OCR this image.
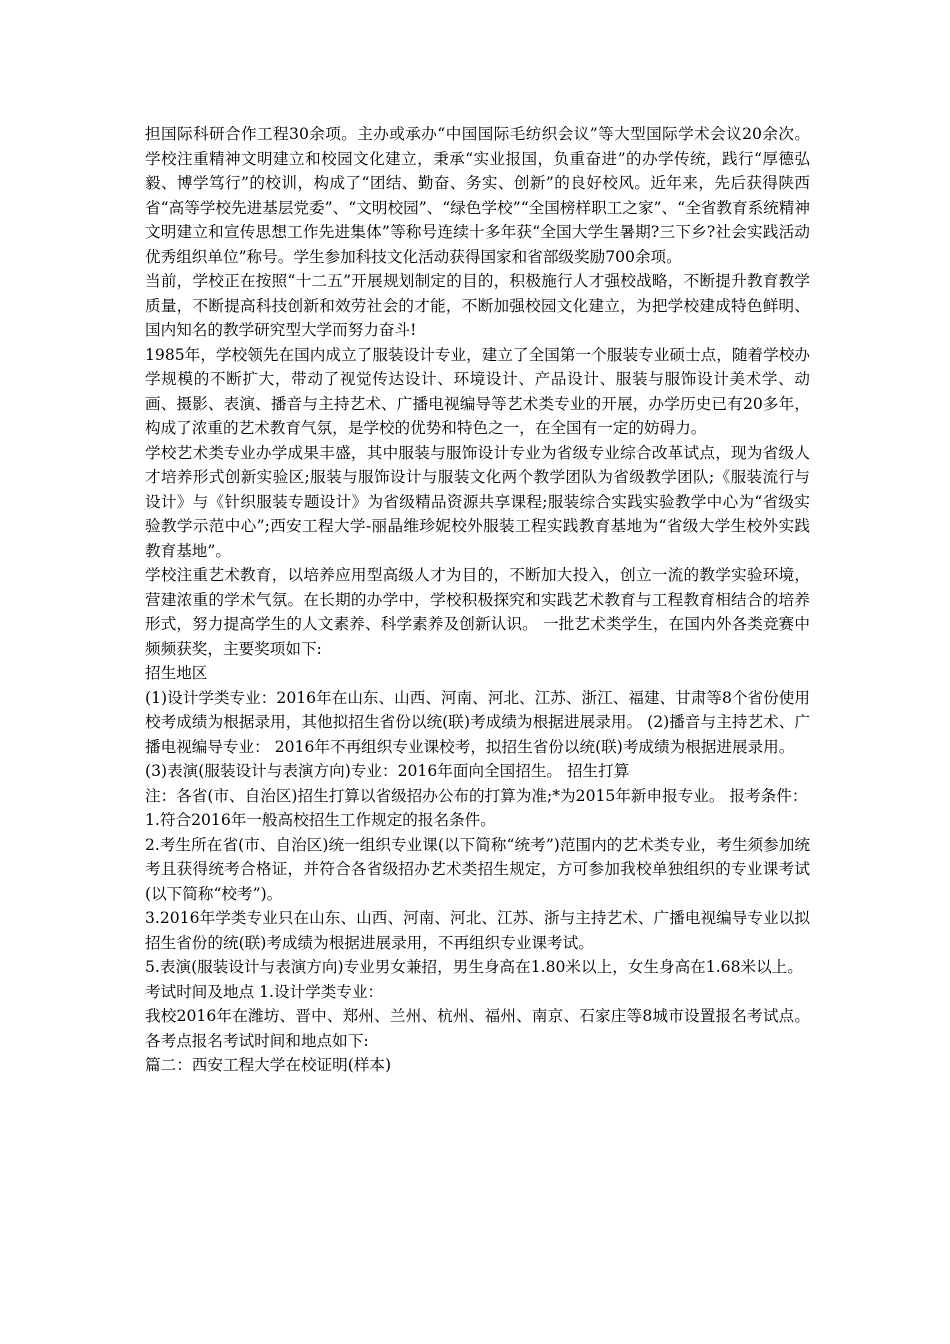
担国际科研合作工程30余项。主办或承办“中国国际毛纺织会议”等大型国际学术会议20余次。 学校注重精神文明建立和校园文化建立，秉承“实业报国，负重奋进”的办学传统，践行“厚德弘毅、博学笃行”的校训，构成了“团结、勤奋、务实、创新”的良好校风。近年来，先后获得陕西省“高等学校先进基层党委”、“文明校园”、“绿色学校”“全国榜样职工之家”、“全省教育系统精神文明建立和宣传思想工作先进集体”等称号连续十多年获“全国大学生暑期?三下乡?社会实践活动优秀组织单位”称号。学生参加科技文化活动获得国家和省部级奖励700余项。

当前，学校正在按照“十二五”开展规划制定的目的，积极施行人才强校战略，不断提升教育教学质量，不断提高科技创新和效劳社会的才能，不断加强校园文化建立，为把学校建成特色鲜明、国内知名的教学研究型大学而努力奋斗!

1985年，学校领先在国内成立了服装设计专业，建立了全国第一个服装专业硕士点，随着学校办学规模的不断扩大，带动了视觉传达设计、环境设计、产品设计、服装与服饰设计美术学、动画、摄影、表演、播音与主持艺术、广播电视编导等艺术类专业的开展，办学历史已有20多年，构成了浓重的艺术教育气氛，是学校的优势和特色之一，在全国有一定的妨碍力。

学校艺术类专业办学成果丰盛，其中服装与服饰设计专业为省级专业综合改革试点，现为省级人才培养形式创新实验区;服装与服饰设计与服装文化两个教学团队为省级教学团队;《服装流行与设计》与《针织服装专题设计》为省级精品资源共享课程;服装综合实践实验教学中心为“省级实验教学示范中心”;西安工程大学-丽晶维珍妮校外服装工程实践教育基地为“省级大学生校外实践教育基地”。

学校注重艺术教育，以培养应用型高级人才为目的，不断加大投入，创立一流的教学实验环境，营建浓重的学术气氛。在长期的办学中，学校积极探究和实践艺术教育与工程教育相结合的培养形式，努力提高学生的人文素养、科学素养及创新认识。 一批艺术类学生，在国内外各类竞赛中频频获奖，主要奖项如下:

招生地区

(1)设计学类专业：2016年在山东、山西、河南、河北、江苏、浙江、福建、甘肃等8个省份使用校考成绩为根据录用，其他拟招生省份以统(联)考成绩为根据进展录用。 (2)播音与主持艺术、广播电视编导专业： 2016年不再组织专业课校考，拟招生省份以统(联)考成绩为根据进展录用。

(3)表演(服装设计与表演方向)专业：2016年面向全国招生。 招生打算

注：各省(市、自治区)招生打算以省级招办公布的打算为准;*为2015年新申报专业。 报考条件：

1.符合2016年一般高校招生工作规定的报名条件。

2.考生所在省(市、自治区)统一组织专业课(以下简称“统考”)范围内的艺术类专业，考生须参加统考且获得统考合格证，并符合各省级招办艺术类招生规定，方可参加我校单独组织的专业课考试(以下简称“校考”)。

3.2016年学类专业只在山东、山西、河南、河北、江苏、浙与主持艺术、广播电视编导专业以拟招生省份的统(联)考成绩为根据进展录用，不再组织专业课考试。

5.表演(服装设计与表演方向)专业男女兼招，男生身高在1.80米以上，女生身高在1.68米以上。

考试时间及地点 1.设计学类专业：

我校2016年在潍坊、晋中、郑州、兰州、杭州、福州、南京、石家庄等8城市设置报名考试点。各考点报名考试时间和地点如下:

篇二：西安工程大学在校证明(样本)
